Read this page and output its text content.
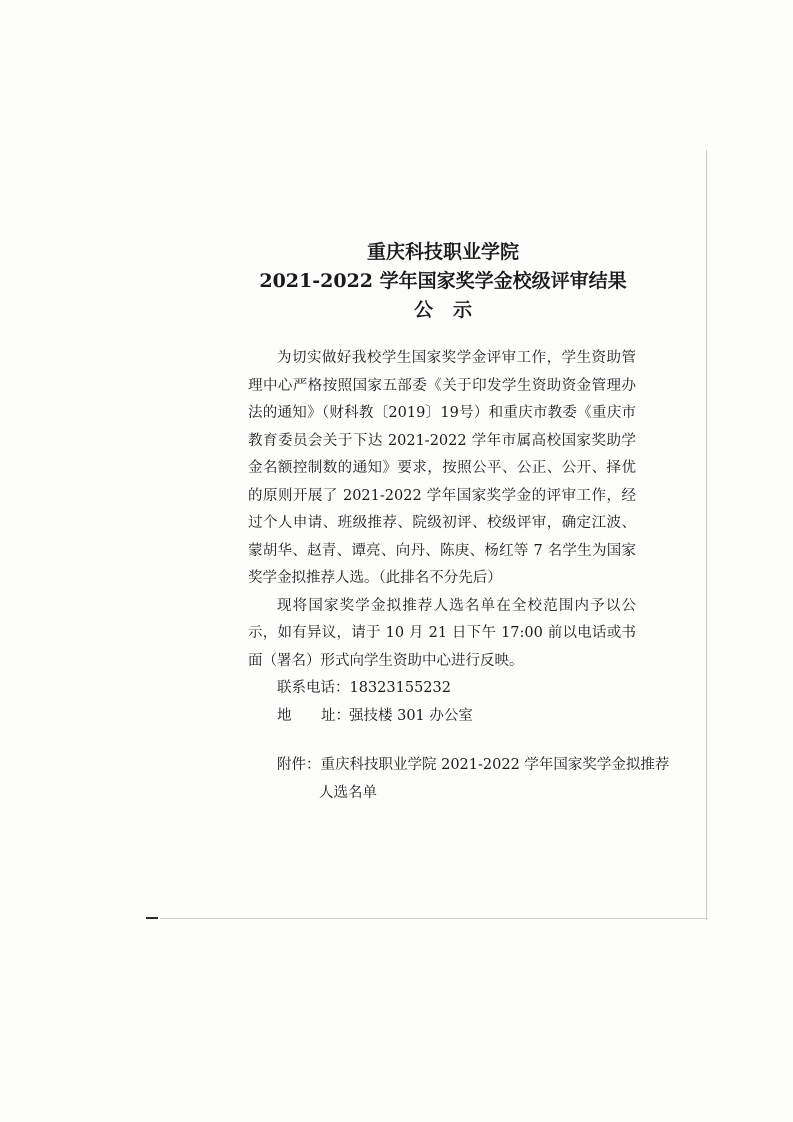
重庆科技职业学院
2021-2022 学年国家奖学金校级评审结果
公示

为切实做好我校学生国家奖学金评审工作，学生资助管理中心严格按照国家五部委《关于印发学生资助资金管理办法的通知》（财科教〔2019〕19号）和重庆市教委《重庆市教育委员会关于下达 2021-2022 学年市属高校国家奖助学金名额控制数的通知》要求，按照公平、公正、公开、择优的原则开展了 2021-2022 学年国家奖学金的评审工作，经过个人申请、班级推荐、院级初评、校级评审，确定江波、蒙胡华、赵青、谭亮、向丹、陈庚、杨红等 7 名学生为国家奖学金拟推荐人选。（此排名不分先后）

现将国家奖学金拟推荐人选名单在全校范围内予以公示，如有异议，请于 10 月 21 日下午 17:00 前以电话或书面（署名）形式向学生资助中心进行反映。

联系电话：18323155232

地 址：强技楼 301 办公室

附件：重庆科技职业学院 2021-2022 学年国家奖学金拟推荐

人选名单
